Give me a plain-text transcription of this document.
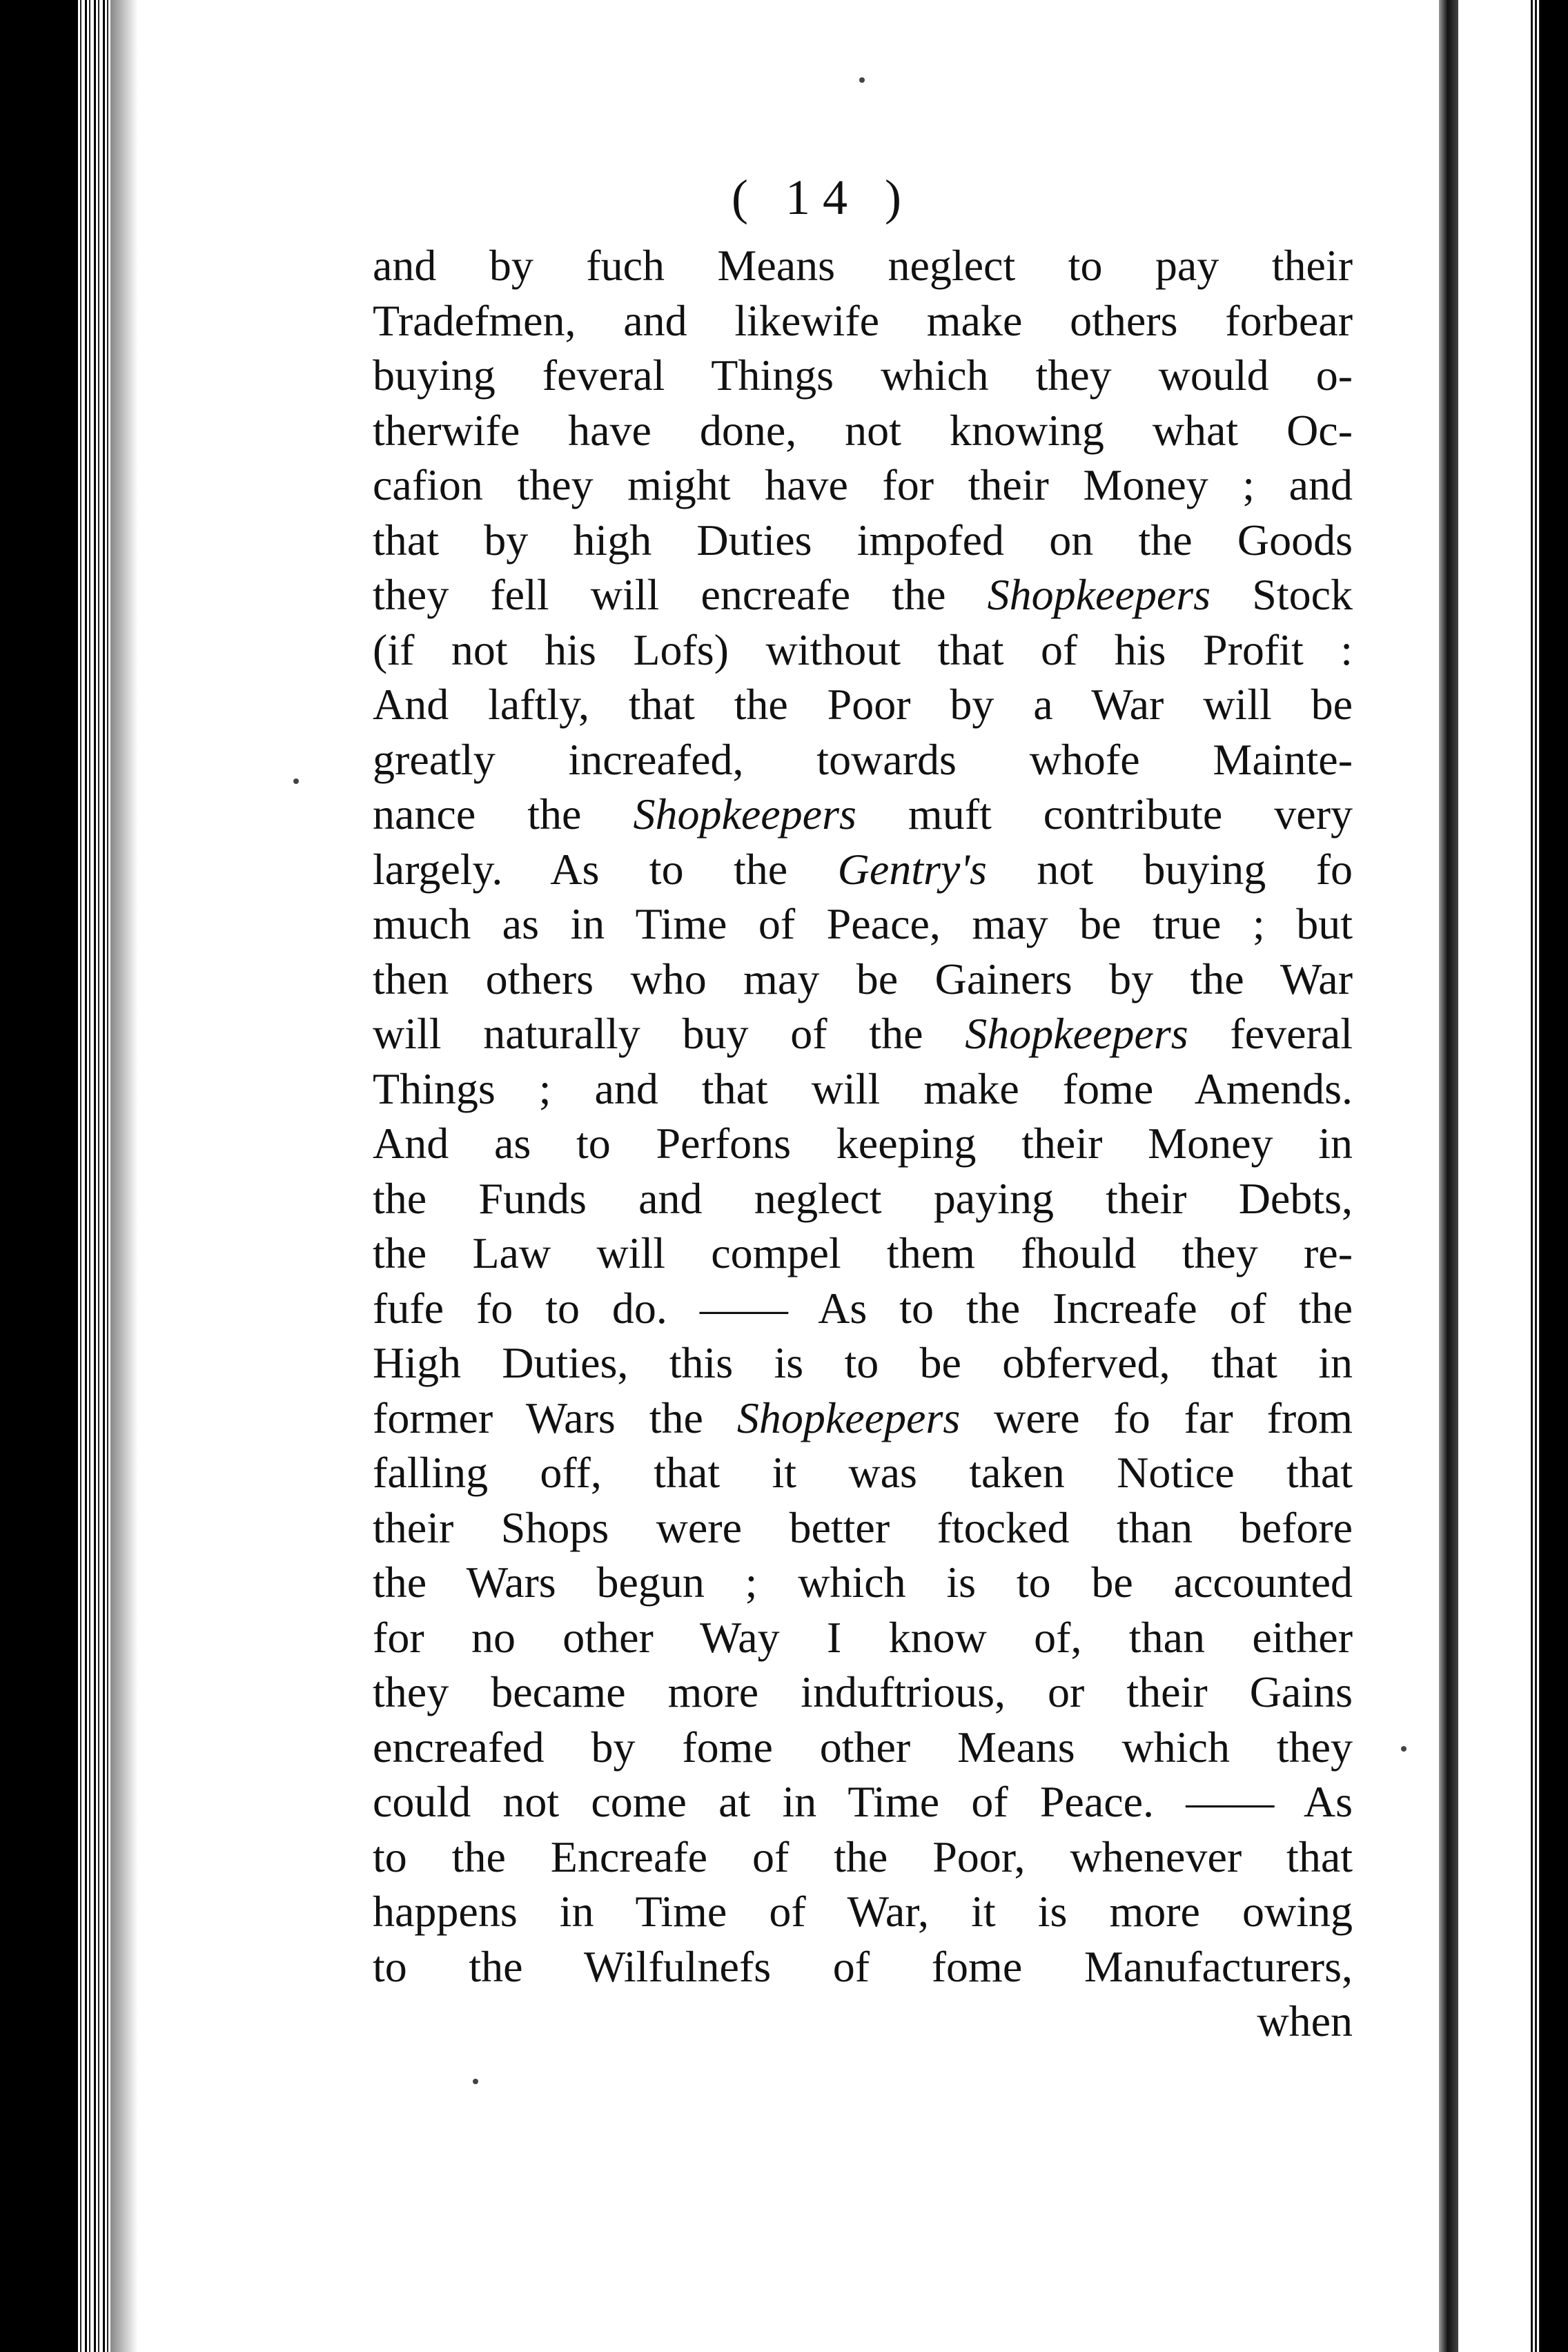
( 14 )
and by fuch Means neglect to pay their
Tradefmen, and likewife make others forbear
buying feveral Things which they would o-
therwife have done, not knowing what Oc-
cafion they might have for their Money ; and
that by high Duties impofed on the Goods
they fell will encreafe the Shopkeepers Stock
(if not his Lofs) without that of his Profit :
And laftly, that the Poor by a War will be
greatly increafed, towards whofe Mainte-
nance the Shopkeepers muft contribute very
largely. As to the Gentry's not buying fo
much as in Time of Peace, may be true ; but
then others who may be Gainers by the War
will naturally buy of the Shopkeepers feveral
Things ; and that will make fome Amends.
And as to Perfons keeping their Money in
the Funds and neglect paying their Debts,
the Law will compel them fhould they re-
fufe fo to do. —— As to the Increafe of the
High Duties, this is to be obferved, that in
former Wars the Shopkeepers were fo far from
falling off, that it was taken Notice that
their Shops were better ftocked than before
the Wars begun ; which is to be accounted
for no other Way I know of, than either
they became more induftrious, or their Gains
encreafed by fome other Means which they
could not come at in Time of Peace. —— As
to the Encreafe of the Poor, whenever that
happens in Time of War, it is more owing
to the Wilfulnefs of fome Manufacturers,
when
